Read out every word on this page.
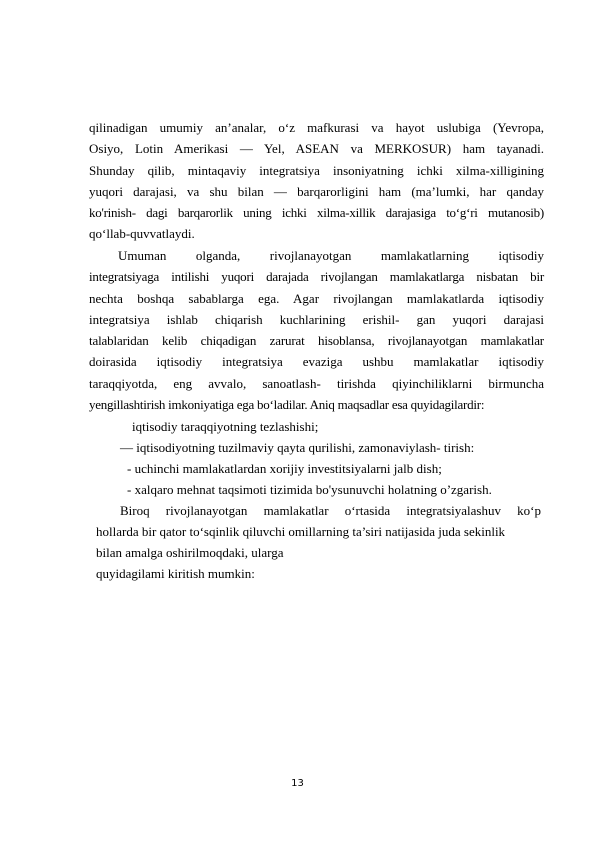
qilinadigan umumiy an’analar, o‘z mafkurasi va hayot uslubiga (Yevropa,
Osiyo, Lotin Amerikasi — Yel, ASEAN va MERKOSUR) ham tayanadi.
Shunday qilib, mintaqaviy integratsiya insoniyatning ichki xilma-xilligining
yuqori darajasi, va shu bilan — barqarorligini ham (ma’lumki, har qanday
ko'rinish- dagi barqarorlik uning ichki xilma-xillik darajasiga to‘g‘ri mutanosib)
qo‘llab-quvvatlaydi.
Umuman olganda, rivojlanayotgan mamlakatlarning iqtisodiy
integratsiyaga intilishi yuqori darajada rivojlangan mamlakatlarga nisbatan bir
nechta boshqa sabablarga ega. Agar rivojlangan mamlakatlarda iqtisodiy
integratsiya ishlab chiqarish kuchlarining erishil- gan yuqori darajasi
talablaridan kelib chiqadigan zarurat hisoblansa, rivojlanayotgan mamlakatlar
doirasida iqtisodiy integratsiya evaziga ushbu mamlakatlar iqtisodiy
taraqqiyotda, eng avvalo, sanoatlash- tirishda qiyinchiliklarni birmuncha
yengillashtirish imkoniyatiga ega bo‘ladilar. Aniq maqsadlar esa quyidagilardir:

iqtisodiy taraqqiyotning tezlashishi;

— iqtisodiyotning tuzilmaviy qayta qurilishi, zamonaviylash- tirish:

- uchinchi mamlakatlardan xorijiy investitsiyalarni jalb dish;

- xalqaro mehnat taqsimoti tizimida bo'ysunuvchi holatning o’zgarish.

Biroq rivojlanayotgan mamlakatlar o‘rtasida integratsiyalashuv ko‘p

hollarda bir qator to‘sqinlik qiluvchi omillarning ta’siri natijasida juda sekinlik

bilan amalga oshirilmoqdaki, ularga

quyidagilami kiritish mumkin:

13
